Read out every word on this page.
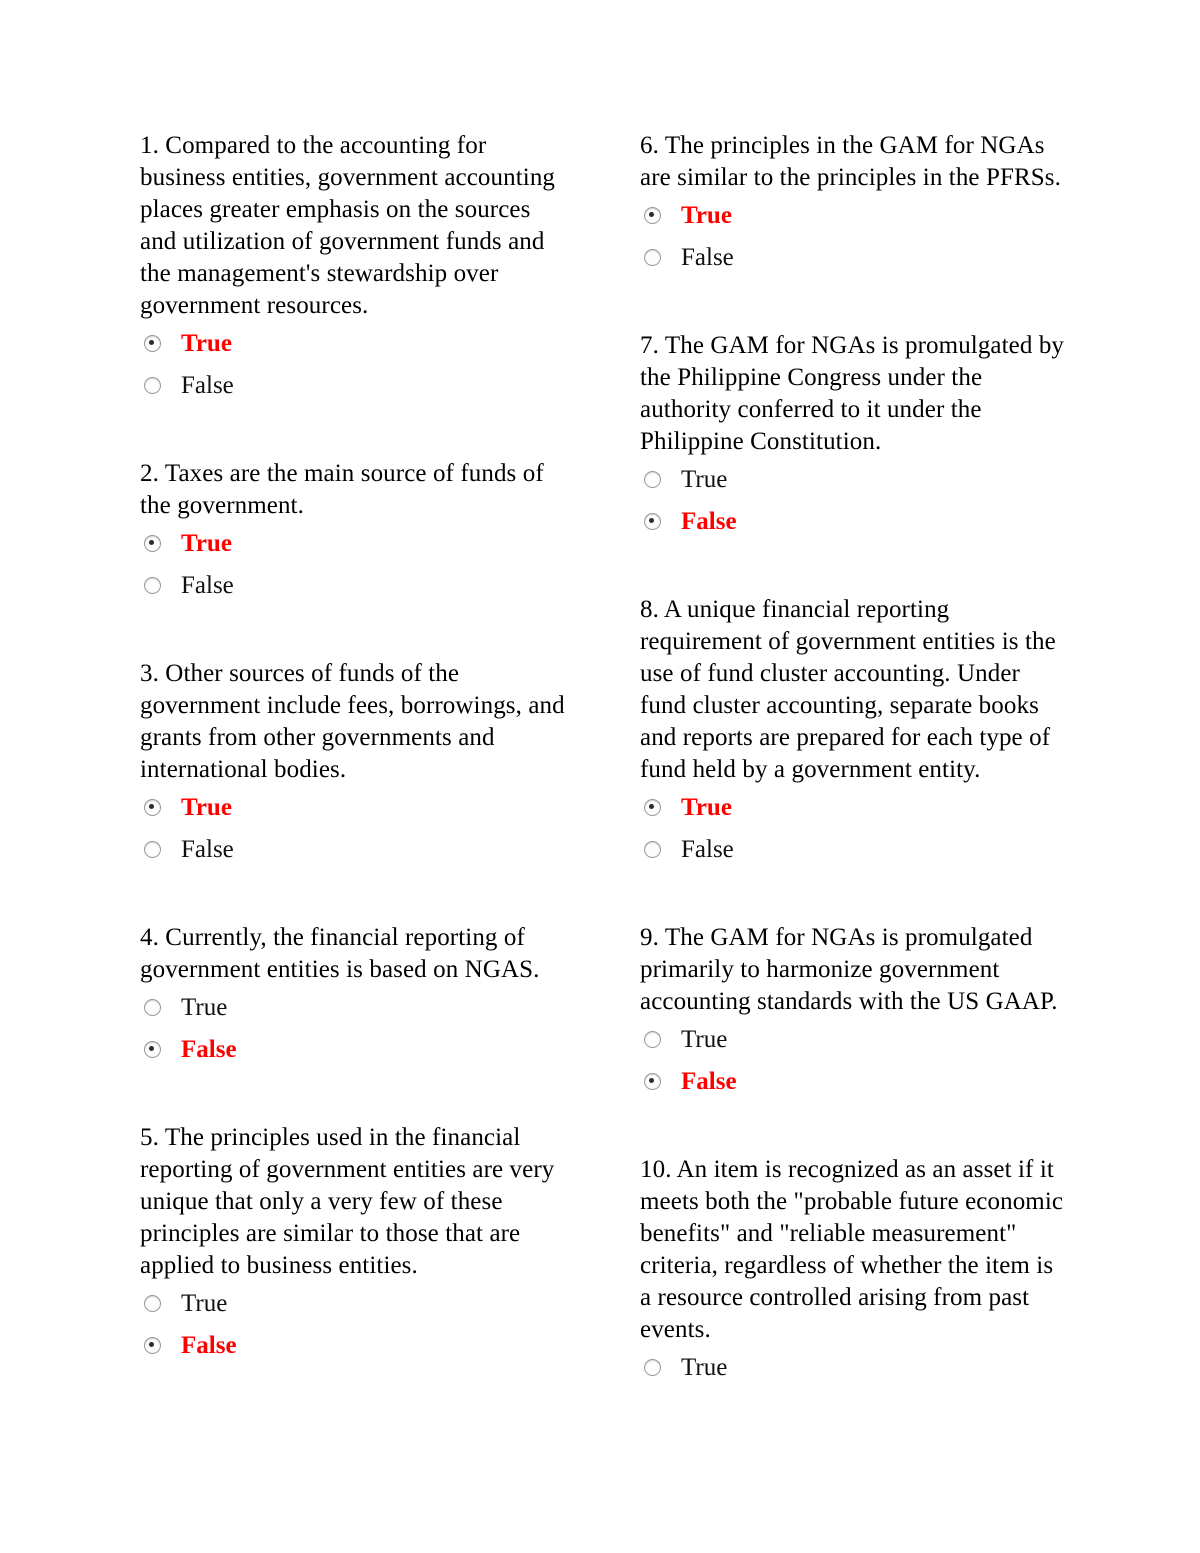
1. Compared to the accounting for business entities, government accounting places greater emphasis on the sources and utilization of government funds and the management's stewardship over government resources.

True
False

2. Taxes are the main source of funds of the government.

True
False

3. Other sources of funds of the government include fees, borrowings, and grants from other governments and international bodies.

True
False

4. Currently, the financial reporting of government entities is based on NGAS.

True
False

5. The principles used in the financial reporting of government entities are very unique that only a very few of these principles are similar to those that are applied to business entities.

True
False

6. The principles in the GAM for NGAs are similar to the principles in the PFRSs.

True
False

7. The GAM for NGAs is promulgated by the Philippine Congress under the authority conferred to it under the Philippine Constitution.

True
False

8. A unique financial reporting requirement of government entities is the use of fund cluster accounting. Under fund cluster accounting, separate books and reports are prepared for each type of fund held by a government entity.

True
False

9. The GAM for NGAs is promulgated primarily to harmonize government accounting standards with the US GAAP.

True
False

10. An item is recognized as an asset if it meets both the "probable future economic benefits" and "reliable measurement" criteria, regardless of whether the item is a resource controlled arising from past events.

True
